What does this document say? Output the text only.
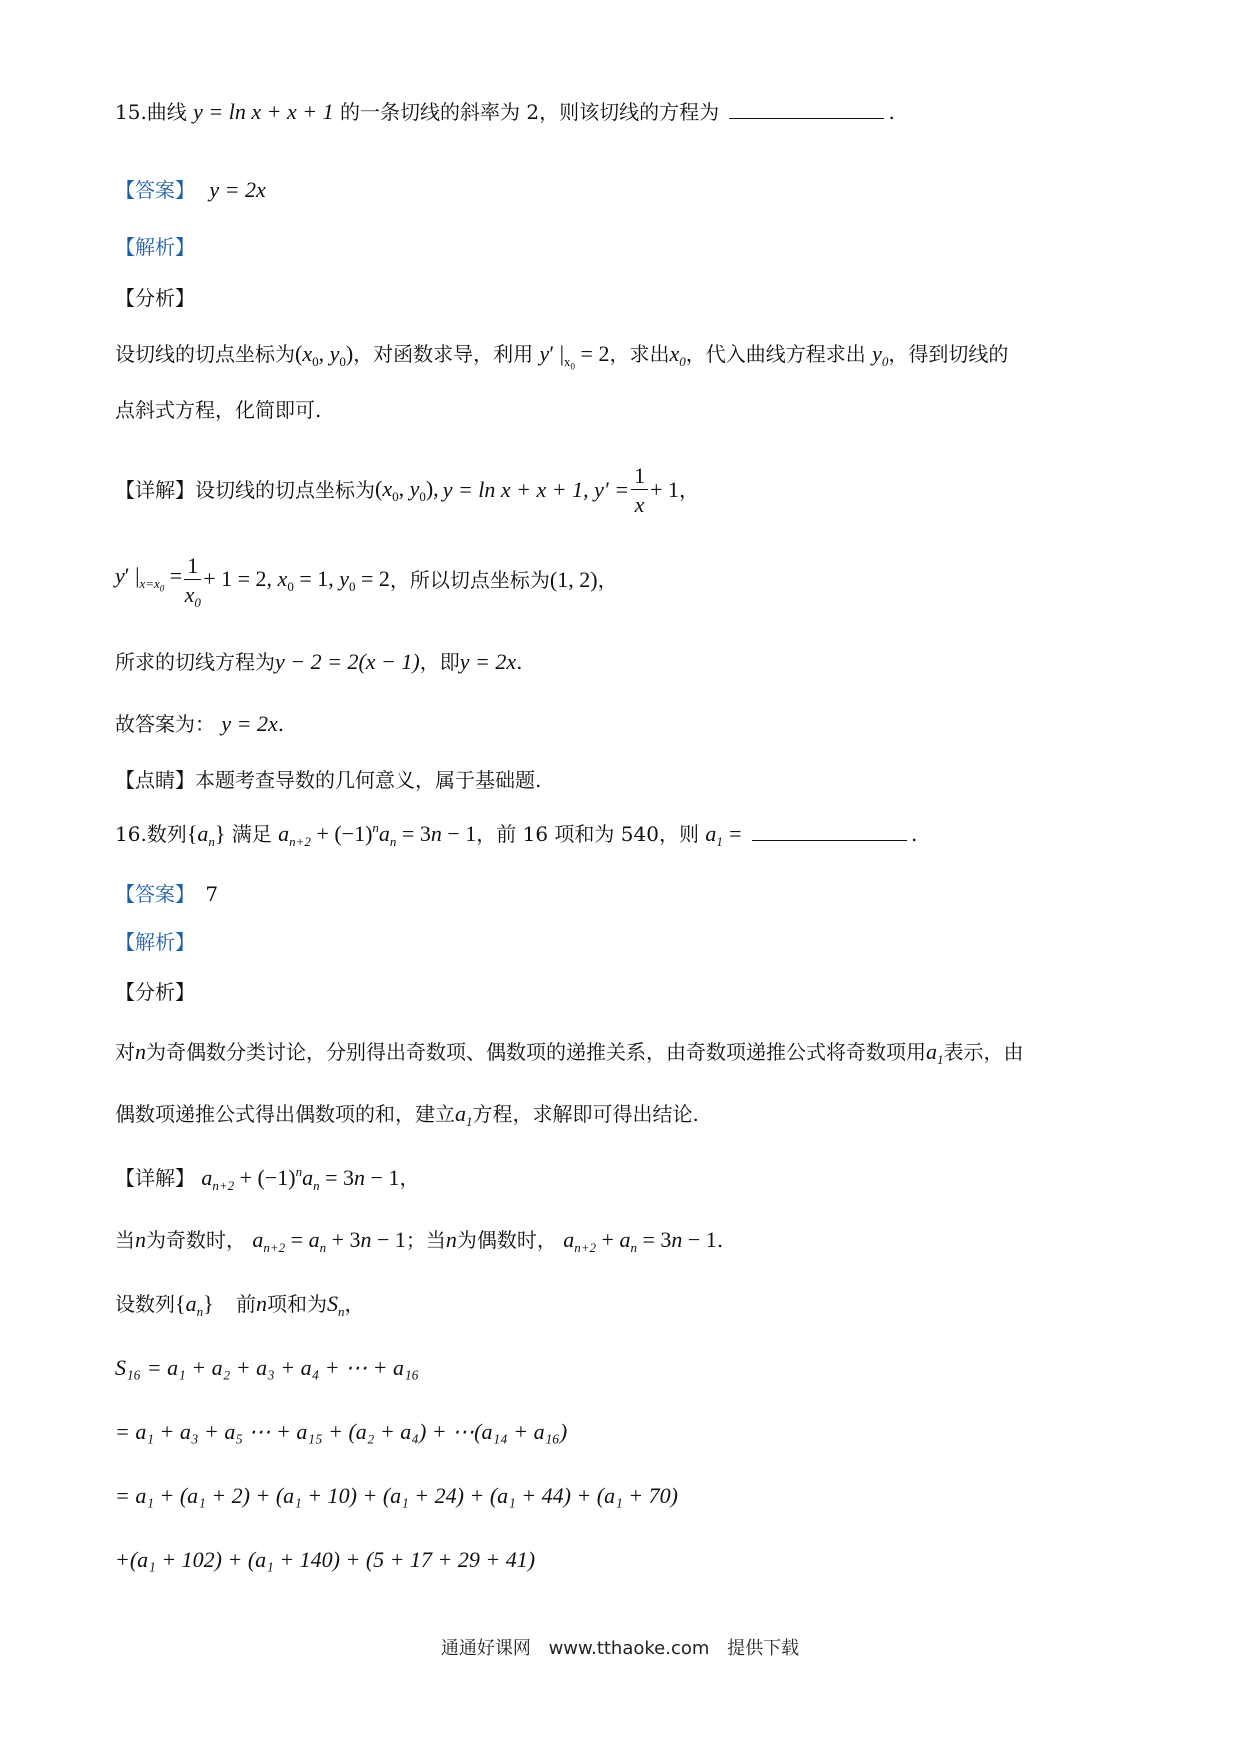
15.曲线 y = ln x + x + 1 的一条切线的斜率为 2，则该切线的方程为	.
【答案】 y = 2x
【解析】
【分析】
设切线的切点坐标为($x_0$, $y_0$)，对函数求导，利用 y′ $|_{x_0} = 2$，求出$x_0$，代入曲线方程求出 $y_0$，得到切线的
点斜式方程，化简即可.
【详解】 设切线的切点坐标为 ($x_0$, $y_0$), y = ln x + x + 1, $y' = \frac{1}{x} + 1$ ，
y′ $|_{x=x_0} = \frac{1}{x_0} + 1 = 2$, $x_0 = 1$, $y_0 = 2$ ，所以切点坐标为 (1, 2) ，
所求的切线方程为y − 2 = 2(x − 1)，即y = 2x.
故答案为： y = 2x.
【点睛】本题考查导数的几何意义，属于基础题.
16.数列$\{a_n\}$ 满足 $a_{n+2} + (-1)^na_n = 3n - 1$，前 16 项和为 540，则 $a_1$ =	.
【答案】 7
【解析】
【分析】
对n为奇偶数分类讨论，分别得出奇数项、偶数项的递推关系，由奇数项递推公式将奇数项用$a_1$表示，由
偶数项递推公式得出偶数项的和，建立$a_1$方程，求解即可得出结论.
【详解】 $a_{n+2} + (-1)^na_n = 3n - 1$，
当n为奇数时， $a_{n+2} = a_n + 3n - 1$；当n为偶数时， $a_{n+2} + a_n = 3n - 1$.
设数列$\{a_n\}$ 前n项和为$S_n$，
S₁₆ = a₁ + a₂ + a₃ + a₄ + ⋯ + a₁₆
= a₁ + a₃ + a₅ ⋯ + a₁₅ + (a₂ + a₄) + ⋯(a₁₄ + a₁₆)
= a₁ + (a₁ + 2) + (a₁ + 10) + (a₁ + 24) + (a₁ + 44) + (a₁ + 70)
+(a₁ + 102) + (a₁ + 140) + (5 + 17 + 29 + 41)
通通好课网 www.tthaoke.com 提供下载
